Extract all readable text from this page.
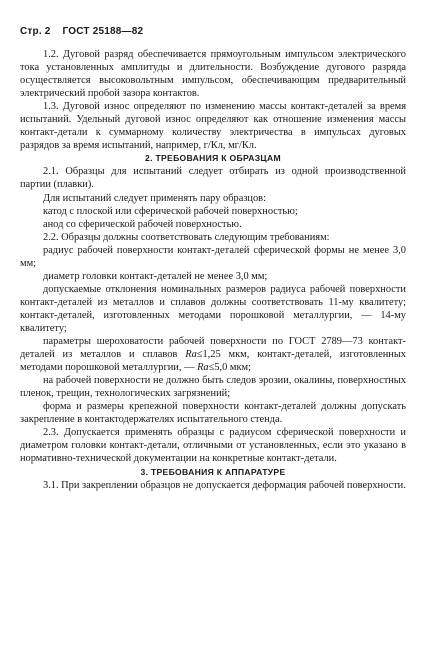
Стр. 2 ГОСТ 25188—82

1.2. Дуговой разряд обеспечивается прямоугольным импульсом электрического тока установленных амплитуды и длительности. Возбуждение дугового разряда осуществляется высоковольтным импульсом, обеспечивающим предварительный электрический пробой зазора контактов.

1.3. Дуговой износ определяют по изменению массы контакт-деталей за время испытаний. Удельный дуговой износ определяют как отношение изменения массы контакт-детали к суммарному количеству электричества в импульсах дуговых разрядов за время испытаний, например, г/Кл, мг/Кл.

2. ТРЕБОВАНИЯ К ОБРАЗЦАМ

2.1. Образцы для испытаний следует отбирать из одной производственной партии (плавки).

Для испытаний следует применять пару образцов:

катод с плоской или сферической рабочей поверхностью;

анод со сферической рабочей поверхностью.

2.2. Образцы должны соответствовать следующим требованиям:

радиус рабочей поверхности контакт-деталей сферической формы не менее 3,0 мм;

диаметр головки контакт-деталей не менее 3,0 мм;

допускаемые отклонения номинальных размеров радиуса рабочей поверхности контакт-деталей из металлов и сплавов должны соответствовать 11-му квалитету; контакт-деталей, изготовленных методами порошковой металлургии, — 14-му квалитету;

параметры шероховатости рабочей поверхности по ГОСТ 2789—73 контакт-деталей из металлов и сплавов Ra≤1,25 мкм, контакт-деталей, изготовленных методами порошковой металлургии, — Ra≤5,0 мкм;

на рабочей поверхности не должно быть следов эрозии, окалины, поверхностных пленок, трещин, технологических загрязнений;

форма и размеры крепежной поверхности контакт-деталей должны допускать закрепление в контактодержателях испытательного стенда.

2.3. Допускается применять образцы с радиусом сферической поверхности и диаметром головки контакт-детали, отличными от установленных, если это указано в нормативно-технической документации на конкретные контакт-детали.

3. ТРЕБОВАНИЯ К АППАРАТУРЕ

3.1. При закреплении образцов не допускается деформация рабочей поверхности.
